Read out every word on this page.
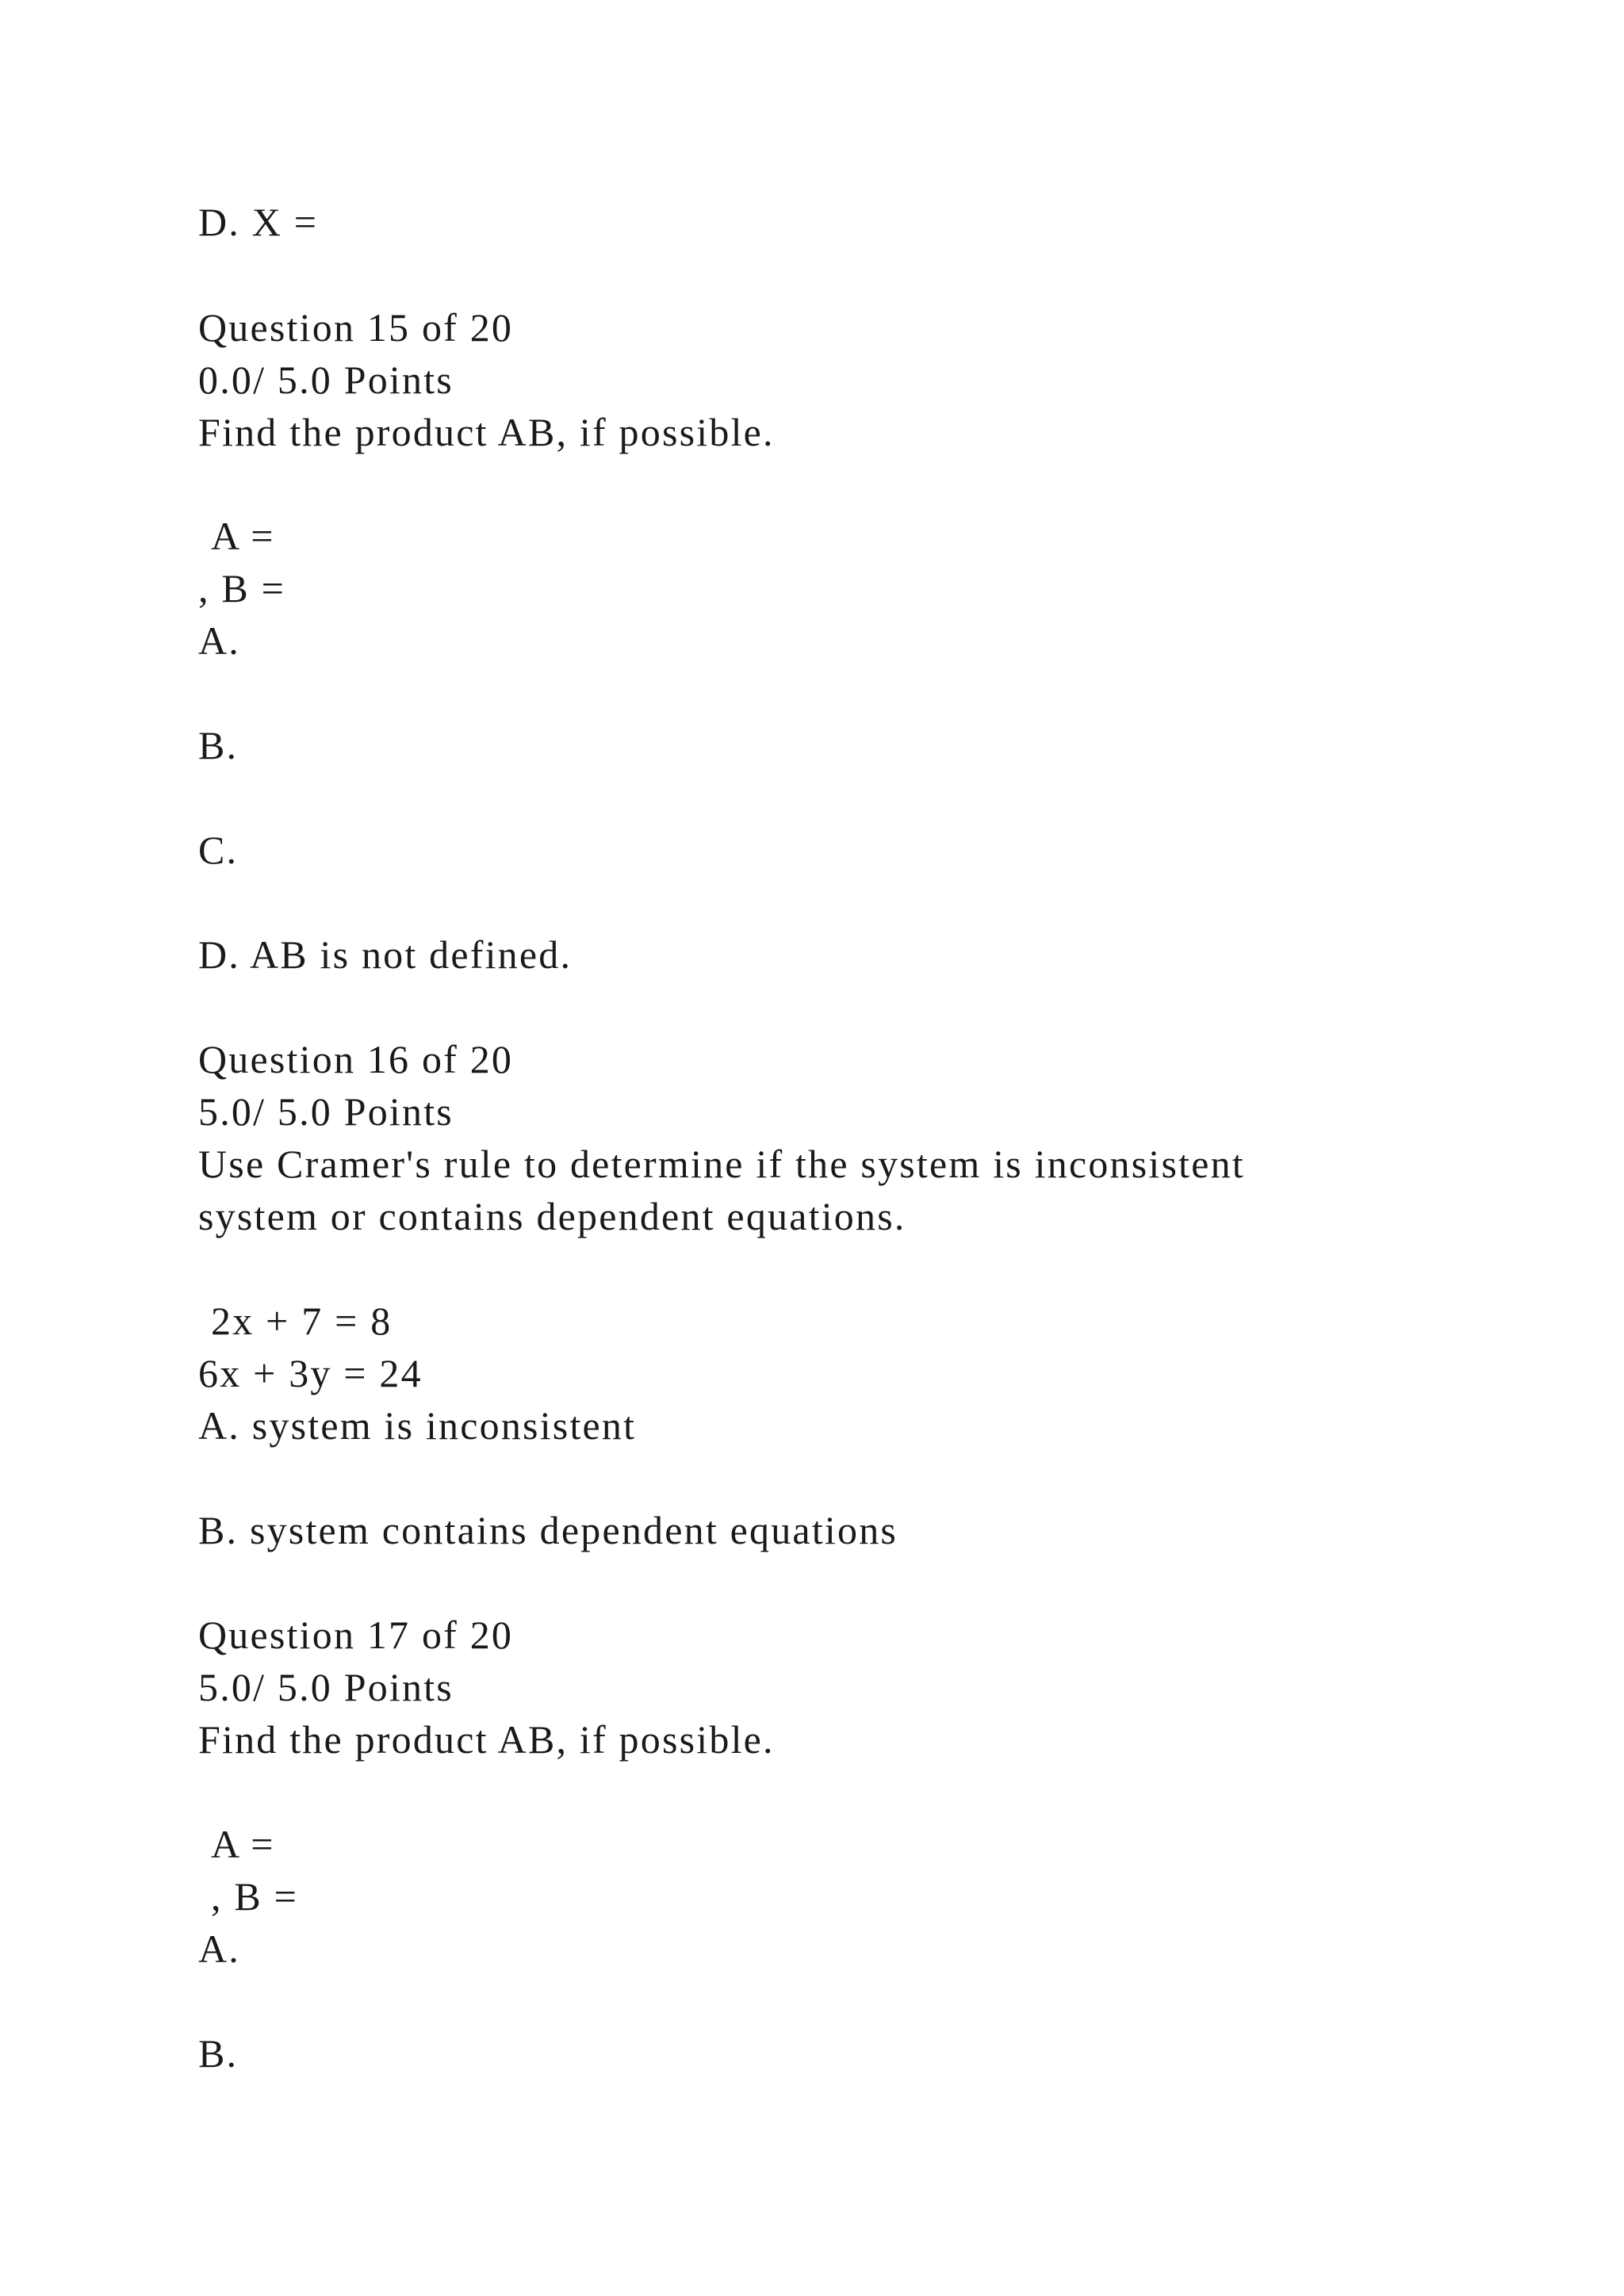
D. X =

Question 15 of 20

0.0/ 5.0 Points

Find the product AB, if possible.

A =

, B =

A.

B.

C.

D. AB is not defined.

Question 16 of 20

5.0/ 5.0 Points

Use Cramer's rule to determine if the system is inconsistent

system or contains dependent equations.

2x + 7 = 8

6x + 3y = 24

A. system is inconsistent

B. system contains dependent equations

Question 17 of 20

5.0/ 5.0 Points

Find the product AB, if possible.

A =

, B =

A.

B.
